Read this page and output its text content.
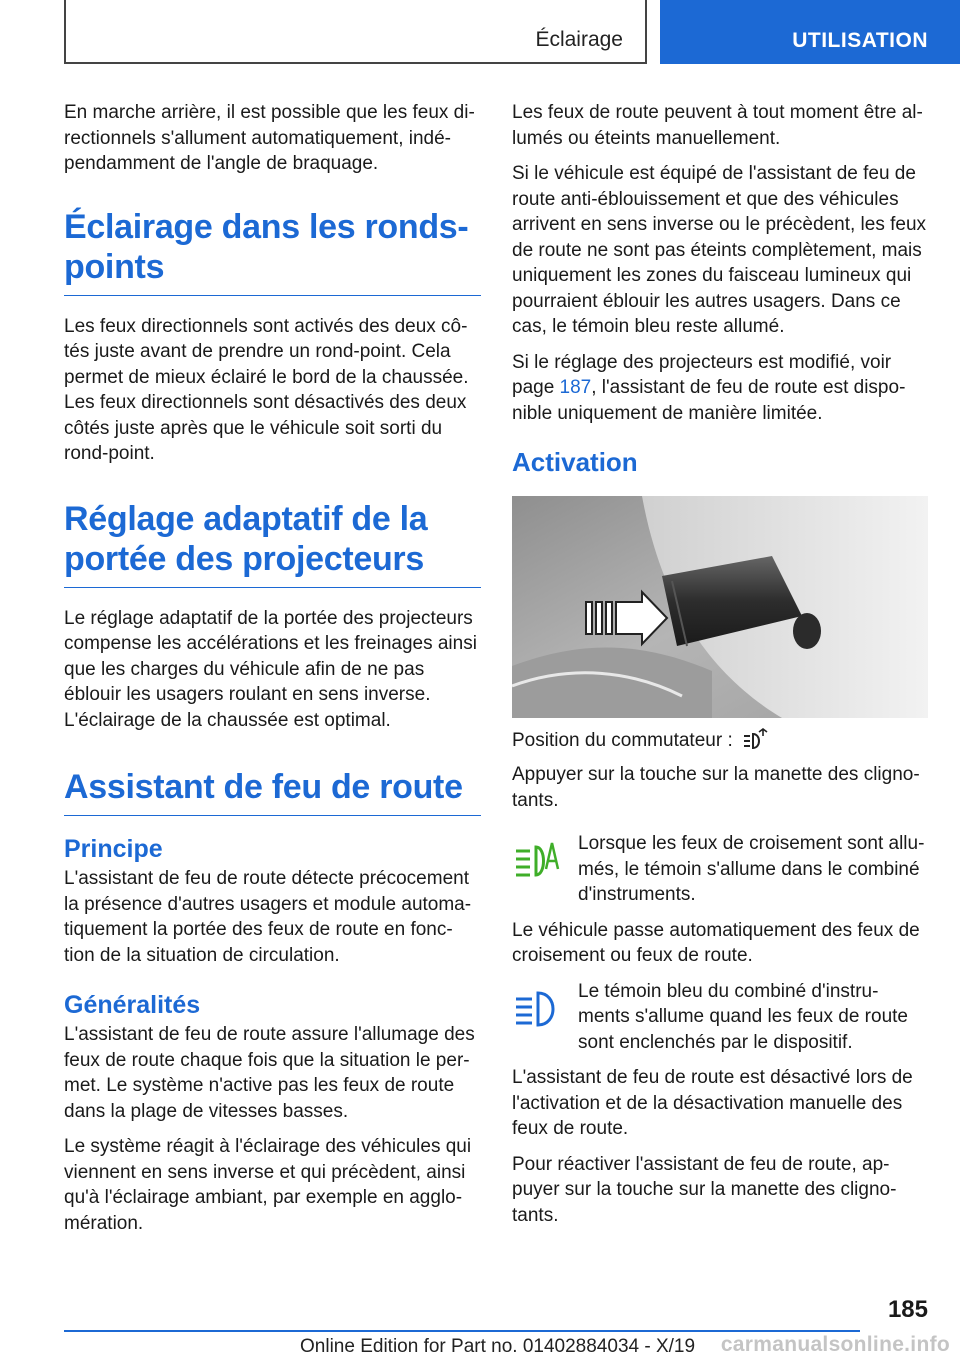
Éclairage	UTILISATION

En marche arrière, il est possible que les feux di- rectionnels s'allument automatiquement, indé- pendamment de l'angle de braquage.

Éclairage dans les ronds- points

Les feux directionnels sont activés des deux cô- tés juste avant de prendre un rond-point. Cela permet de mieux éclairé le bord de la chaussée. Les feux directionnels sont désactivés des deux côtés juste après que le véhicule soit sorti du rond-point.

Réglage adaptatif de la portée des projecteurs

Le réglage adaptatif de la portée des projecteurs compense les accélérations et les freinages ainsi que les charges du véhicule afin de ne pas éblouir les usagers roulant en sens inverse. L'éclairage de la chaussée est optimal.

Assistant de feu de route
Principe

L'assistant de feu de route détecte précocement la présence d'autres usagers et module automa- tiquement la portée des feux de route en fonc- tion de la situation de circulation.

Généralités

L'assistant de feu de route assure l'allumage des feux de route chaque fois que la situation le per- met. Le système n'active pas les feux de route dans la plage de vitesses basses.

Le système réagit à l'éclairage des véhicules qui viennent en sens inverse et qui précèdent, ainsi qu'à l'éclairage ambiant, par exemple en agglo- mération.

Les feux de route peuvent à tout moment être al- lumés ou éteints manuellement.

Si le véhicule est équipé de l'assistant de feu de route anti-éblouissement et que des véhicules arrivent en sens inverse ou le précèdent, les feux de route ne sont pas éteints complètement, mais uniquement les zones du faisceau lumineux qui pourraient éblouir les autres usagers. Dans ce cas, le témoin bleu reste allumé.

Si le réglage des projecteurs est modifié, voir page 187, l'assistant de feu de route est dispo- nible uniquement de manière limitée.

Activation

Position du commutateur :

Appuyer sur la touche sur la manette des cligno- tants.

Lorsque les feux de croisement sont allu- més, le témoin s'allume dans le combiné d'instruments.

Le véhicule passe automatiquement des feux de croisement ou feux de route.

Le témoin bleu du combiné d'instru- ments s'allume quand les feux de route sont enclenchés par le dispositif.

L'assistant de feu de route est désactivé lors de l'activation et de la désactivation manuelle des feux de route.

Pour réactiver l'assistant de feu de route, ap- puyer sur la touche sur la manette des cligno- tants.

185
Online Edition for Part no. 01402884034 - X/19 carmanualsonline.info
